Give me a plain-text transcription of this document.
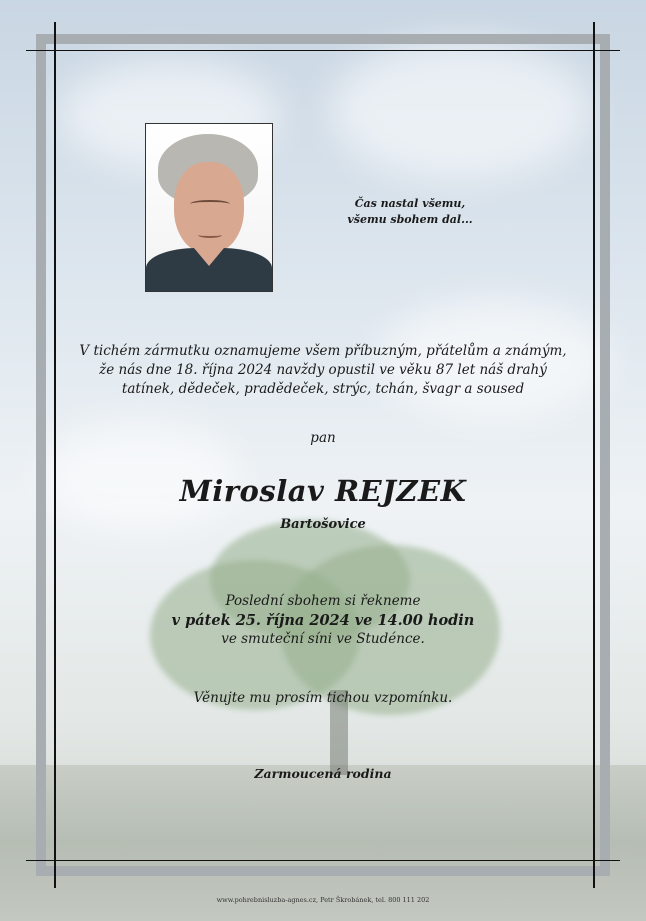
Čas nastal všemu,
všemu sbohem dal...
V tichém zármutku oznamujeme všem příbuzným, přátelům a známým,
že nás dne 18. října 2024 navždy opustil ve věku 87 let náš drahý
tatínek, dědeček, pradědeček, strýc, tchán, švagr a soused
pan
Miroslav REJZEK
Bartošovice
Poslední sbohem si řekneme
v pátek 25. října 2024 ve 14.00 hodin
ve smuteční síni ve Studénce.
Věnujte mu prosím tichou vzpomínku.
Zarmoucená rodina
www.pohrebnisluzba-agnes.cz, Petr Škrobánek, tel. 800 111 202
